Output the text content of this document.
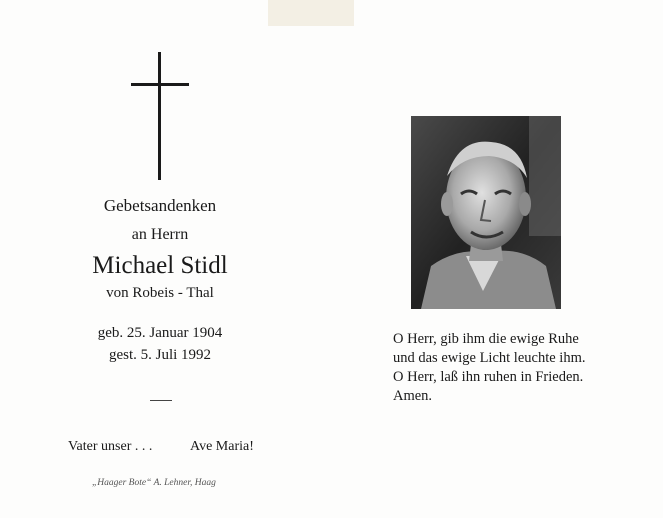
Gebetsandenken
an Herrn
Michael Stidl
von Robeis - Thal
geb. 25. Januar 1904
gest. 5. Juli 1992
Vater unser . . .	Ave Maria!
„Haager Bote“ A. Lehner, Haag
O Herr, gib ihm die ewige Ruhe
und das ewige Licht leuchte ihm.
O Herr, laß ihn ruhen in Frieden.
Amen.
